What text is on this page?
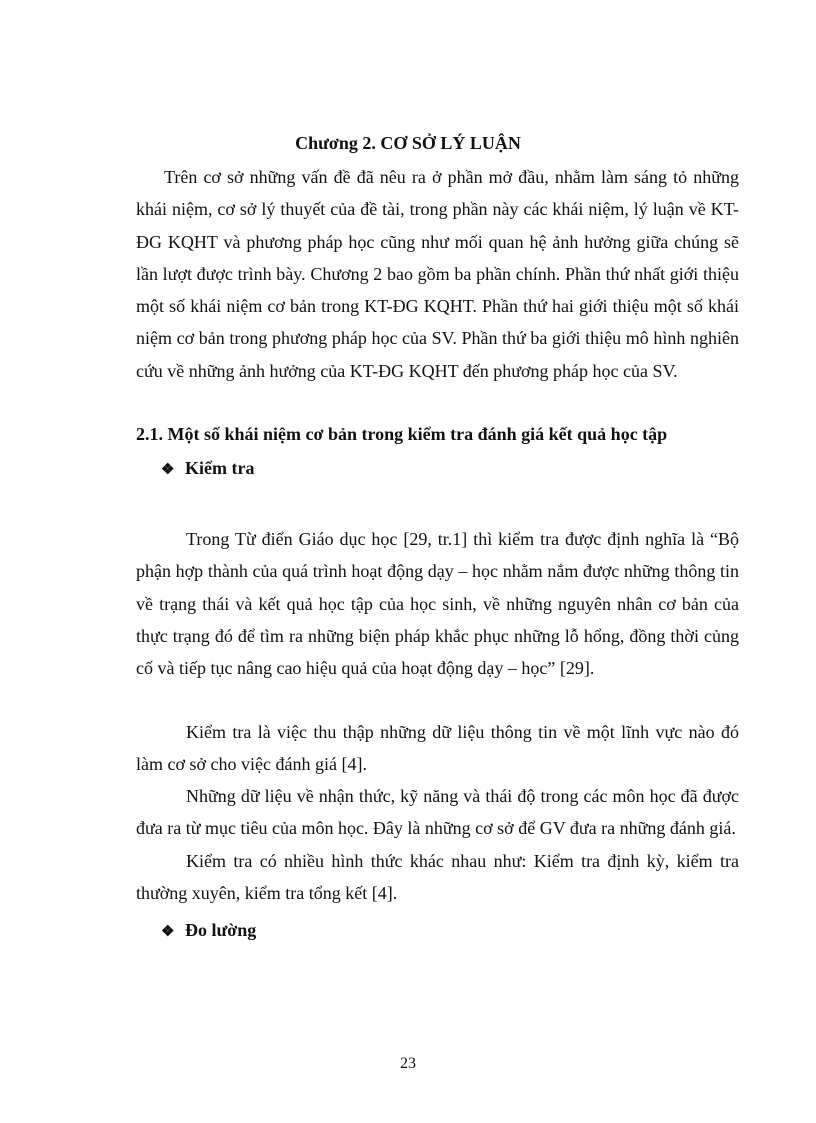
Chương 2. CƠ SỞ LÝ LUẬN

Trên cơ sở những vấn đề đã nêu ra ở phần mở đầu, nhằm làm sáng tỏ những khái niệm, cơ sở lý thuyết của đề tài, trong phần này các khái niệm, lý luận về KT-ĐG KQHT và phương pháp học cũng như mối quan hệ ảnh hưởng giữa chúng sẽ lần lượt được trình bày. Chương 2 bao gồm ba phần chính. Phần thứ nhất giới thiệu một số khái niệm cơ bản trong KT-ĐG KQHT. Phần thứ hai giới thiệu một số khái niệm cơ bản trong phương pháp học của SV. Phần thứ ba giới thiệu mô hình nghiên cứu về những ảnh hưởng của KT-ĐG KQHT đến phương pháp học của SV.

2.1. Một số khái niệm cơ bản trong kiểm tra đánh giá kết quả học tập
❖ Kiểm tra

Trong Từ điển Giáo dục học [29, tr.1] thì kiểm tra được định nghĩa là “Bộ phận hợp thành của quá trình hoạt động dạy – học nhằm nắm được những thông tin về trạng thái và kết quả học tập của học sinh, về những nguyên nhân cơ bản của thực trạng đó để tìm ra những biện pháp khắc phục những lỗ hổng, đồng thời củng cố và tiếp tục nâng cao hiệu quả của hoạt động dạy – học” [29].

Kiểm tra là việc thu thập những dữ liệu thông tin về một lĩnh vực nào đó làm cơ sở cho việc đánh giá [4].

Những dữ liệu về nhận thức, kỹ năng và thái độ trong các môn học đã được đưa ra từ mục tiêu của môn học. Đây là những cơ sở để GV đưa ra những đánh giá.

Kiểm tra có nhiều hình thức khác nhau như: Kiểm tra định kỳ, kiểm tra thường xuyên, kiểm tra tổng kết [4].

❖ Đo lường
23
